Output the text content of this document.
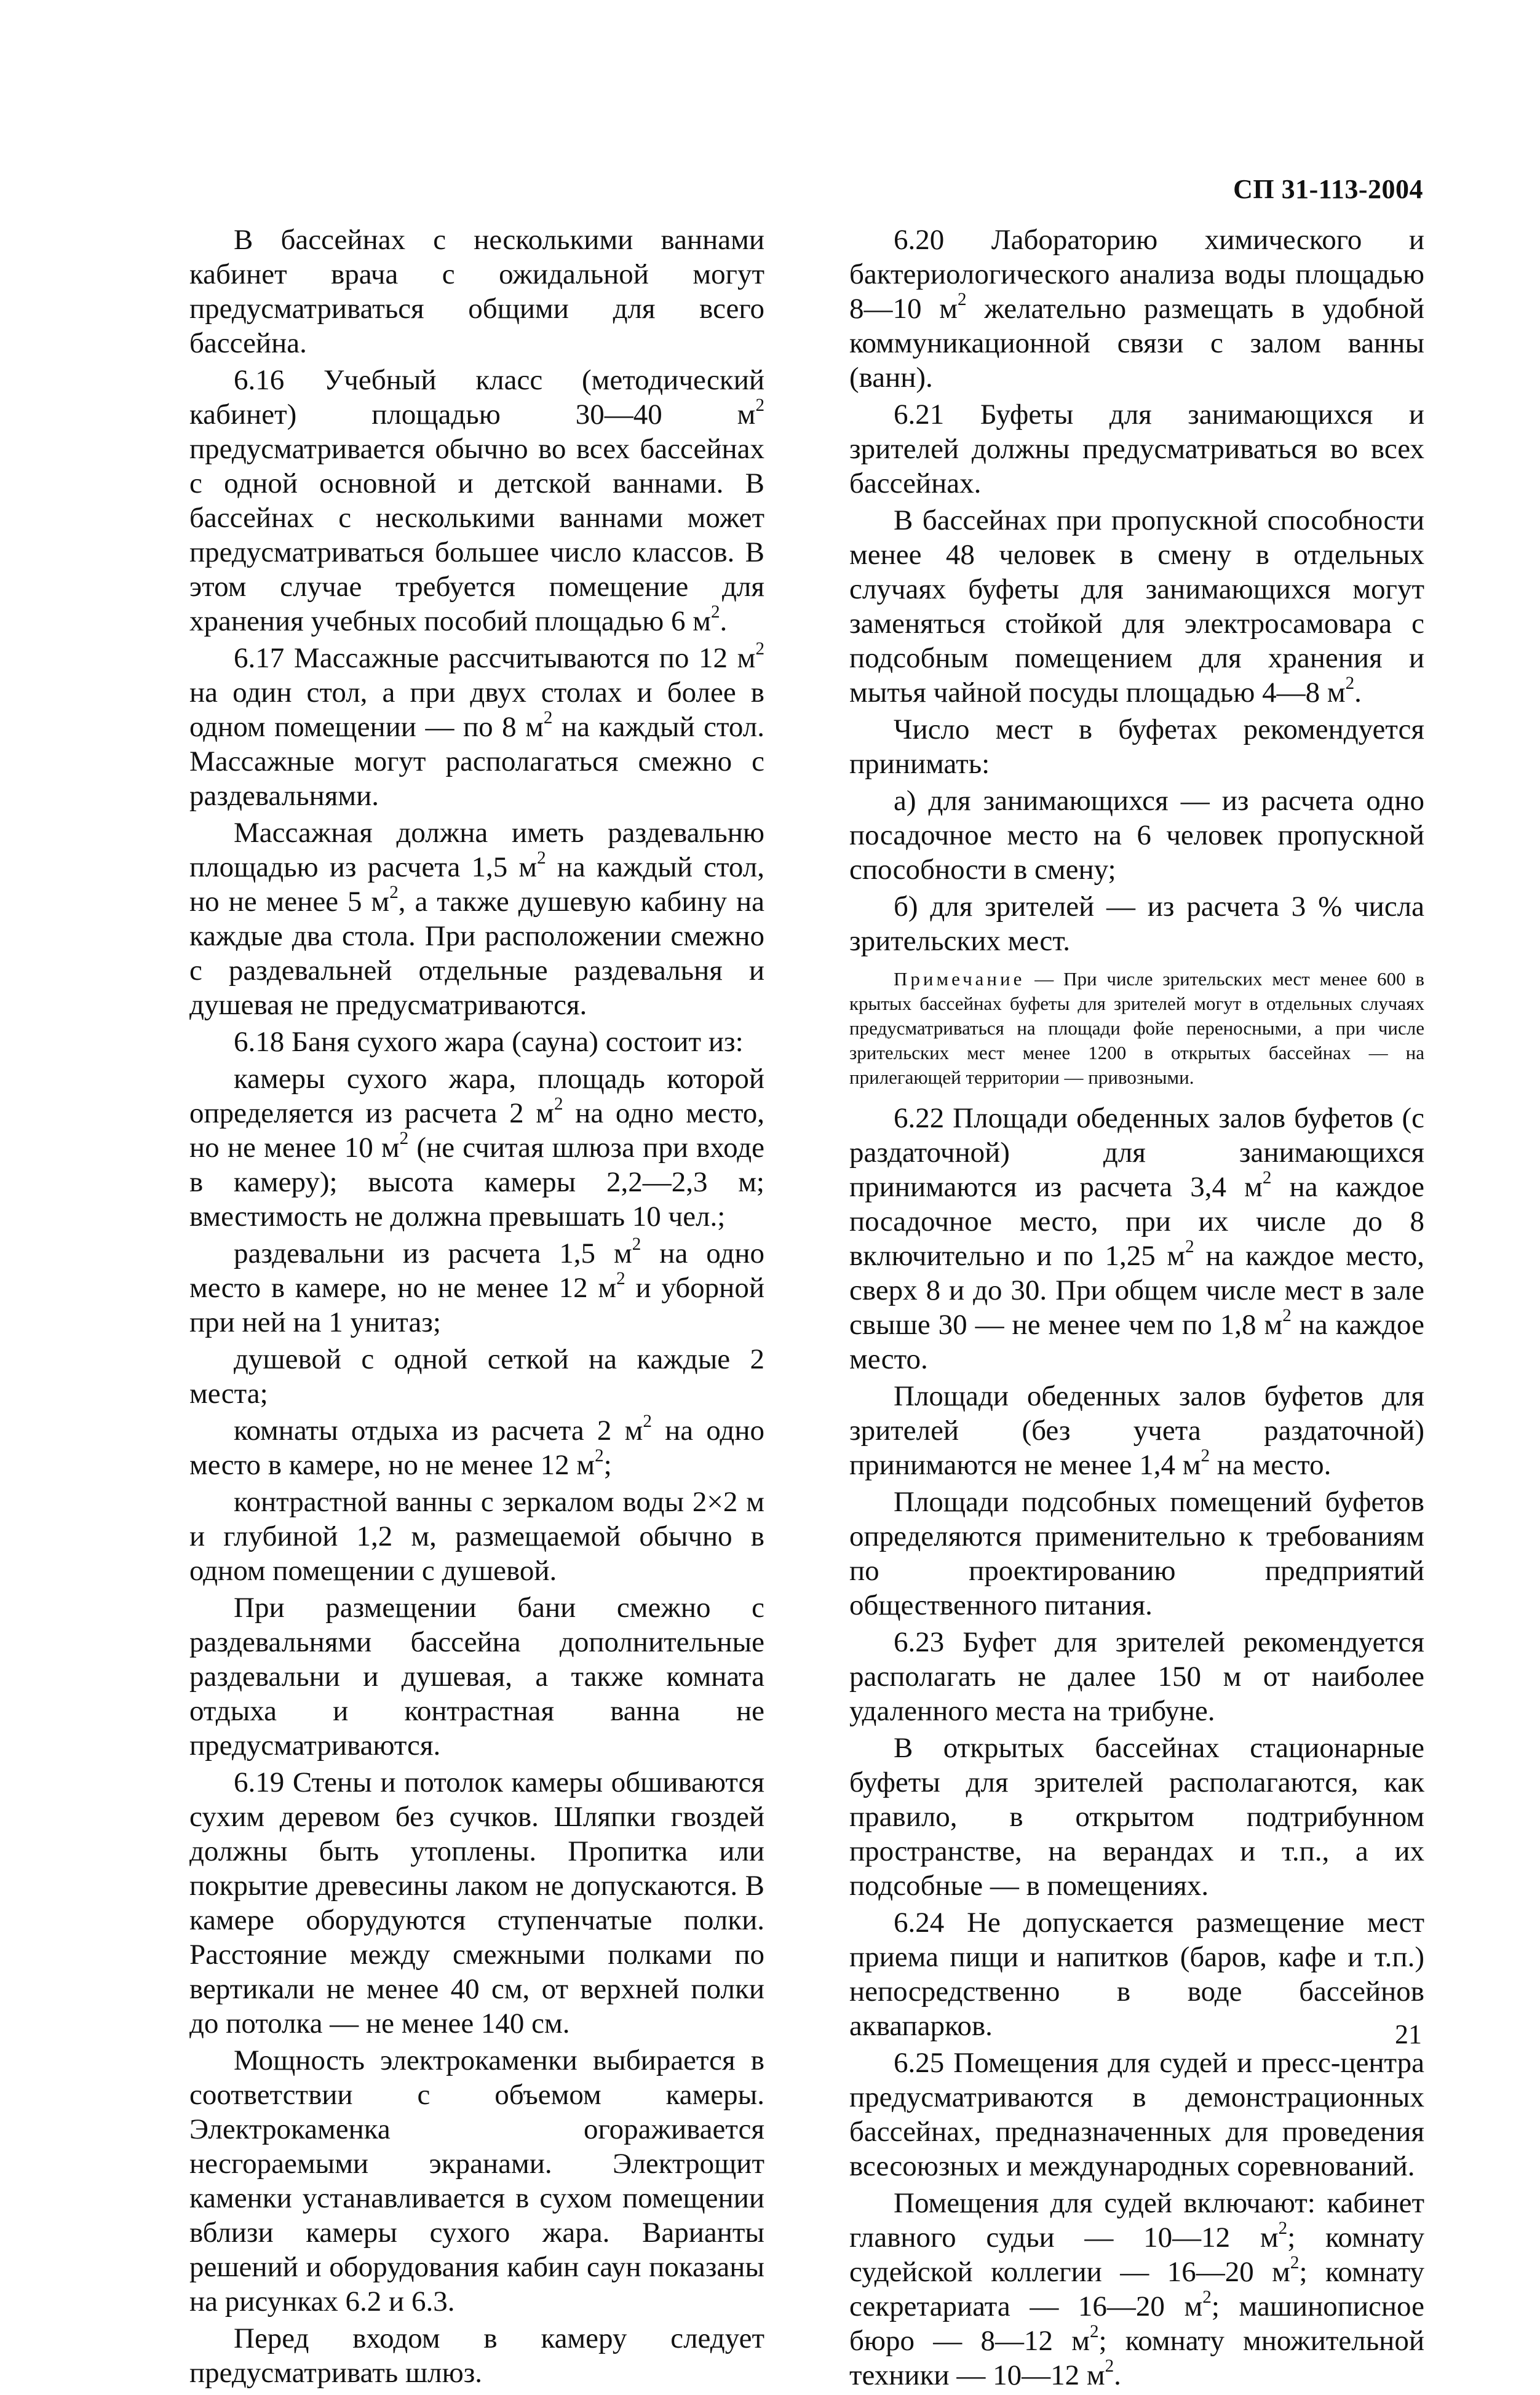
СП 31-113-2004

В бассейнах с несколькими ваннами кабинет врача с ожидальной могут предусматриваться общими для всего бассейна.

6.16 Учебный класс (методический кабинет) площадью 30—40 $м^2$ предусматривается обычно во всех бассейнах с одной основной и детской ваннами. В бассейнах с несколькими ваннами может предусматриваться большее число классов. В этом случае требуется помещение для хранения учебных пособий площадью 6 $м^2$.

6.17 Массажные рассчитываются по 12 $м^2$ на один стол, а при двух столах и более в одном помещении — по 8 $м^2$ на каждый стол. Массажные могут располагаться смежно с раздевальнями.

Массажная должна иметь раздевальню площадью из расчета 1,5 $м^2$ на каждый стол, но не менее 5 $м^2$, а также душевую кабину на каждые два стола. При расположении смежно с раздевальней отдельные раздевальня и душевая не предусматриваются.

6.18 Баня сухого жара (сауна) состоит из:

камеры сухого жара, площадь которой определяется из расчета 2 $м^2$ на одно место, но не менее 10 $м^2$ (не считая шлюза при входе в камеру); высота камеры 2,2—2,3 м; вместимость не должна превышать 10 чел.;

раздевальни из расчета 1,5 $м^2$ на одно место в камере, но не менее 12 $м^2$ и уборной при ней на 1 унитаз;

душевой с одной сеткой на каждые 2 места;

комнаты отдыха из расчета 2 $м^2$ на одно место в камере, но не менее 12 $м^2$;

контрастной ванны с зеркалом воды 2×2 м и глубиной 1,2 м, размещаемой обычно в одном помещении с душевой.

При размещении бани смежно с раздевальнями бассейна дополнительные раздевальни и душевая, а также комната отдыха и контрастная ванна не предусматриваются.

6.19 Стены и потолок камеры обшиваются сухим деревом без сучков. Шляпки гвоздей должны быть утоплены. Пропитка или покрытие древесины лаком не допускаются. В камере оборудуются ступенчатые полки. Расстояние между смежными полками по вертикали не менее 40 см, от верхней полки до потолка — не менее 140 см.

Мощность электрокаменки выбирается в соответствии с объемом камеры. Электрокаменка огораживается несгораемыми экранами. Электрощит каменки устанавливается в сухом помещении вблизи камеры сухого жара. Варианты решений и оборудования кабин саун показаны на рисунках 6.2 и 6.3.

Перед входом в камеру следует предусматривать шлюз.

6.20 Лабораторию химического и бактериологического анализа воды площадью 8—10 $м^2$ желательно размещать в удобной коммуникационной связи с залом ванны (ванн).

6.21 Буфеты для занимающихся и зрителей должны предусматриваться во всех бассейнах.

В бассейнах при пропускной способности менее 48 человек в смену в отдельных случаях буфеты для занимающихся могут заменяться стойкой для электросамовара с подсобным помещением для хранения и мытья чайной посуды площадью 4—8 $м^2$.

Число мест в буфетах рекомендуется принимать:

а) для занимающихся — из расчета одно посадочное место на 6 человек пропускной способности в смену;

б) для зрителей — из расчета 3 % числа зрительских мест.

Примечание — При числе зрительских мест менее 600 в крытых бассейнах буфеты для зрителей могут в отдельных случаях предусматриваться на площади фойе переносными, а при числе зрительских мест менее 1200 в открытых бассейнах — на прилегающей территории — привозными.

6.22 Площади обеденных залов буфетов (с раздаточной) для занимающихся принимаются из расчета 3,4 $м^2$ на каждое посадочное место, при их числе до 8 включительно и по 1,25 $м^2$ на каждое место, сверх 8 и до 30. При общем числе мест в зале свыше 30 — не менее чем по 1,8 $м^2$ на каждое место.

Площади обеденных залов буфетов для зрителей (без учета раздаточной) принимаются не менее 1,4 $м^2$ на место.

Площади подсобных помещений буфетов определяются применительно к требованиям по проектированию предприятий общественного питания.

6.23 Буфет для зрителей рекомендуется располагать не далее 150 м от наиболее удаленного места на трибуне.

В открытых бассейнах стационарные буфеты для зрителей располагаются, как правило, в открытом подтрибунном пространстве, на верандах и т.п., а их подсобные — в помещениях.

6.24 Не допускается размещение мест приема пищи и напитков (баров, кафе и т.п.) непосредственно в воде бассейнов аквапарков.

6.25 Помещения для судей и пресс-центра предусматриваются в демонстрационных бассейнах, предназначенных для проведения всесоюзных и международных соревнований.

Помещения для судей включают: кабинет главного судьи — 10—12 $м^2$; комнату судейской коллегии — 16—20 $м^2$; комнату секретариата — 16—20 $м^2$; машинописное бюро — 8—12 $м^2$; комнату множительной техники — 10—12 $м^2$.

21
